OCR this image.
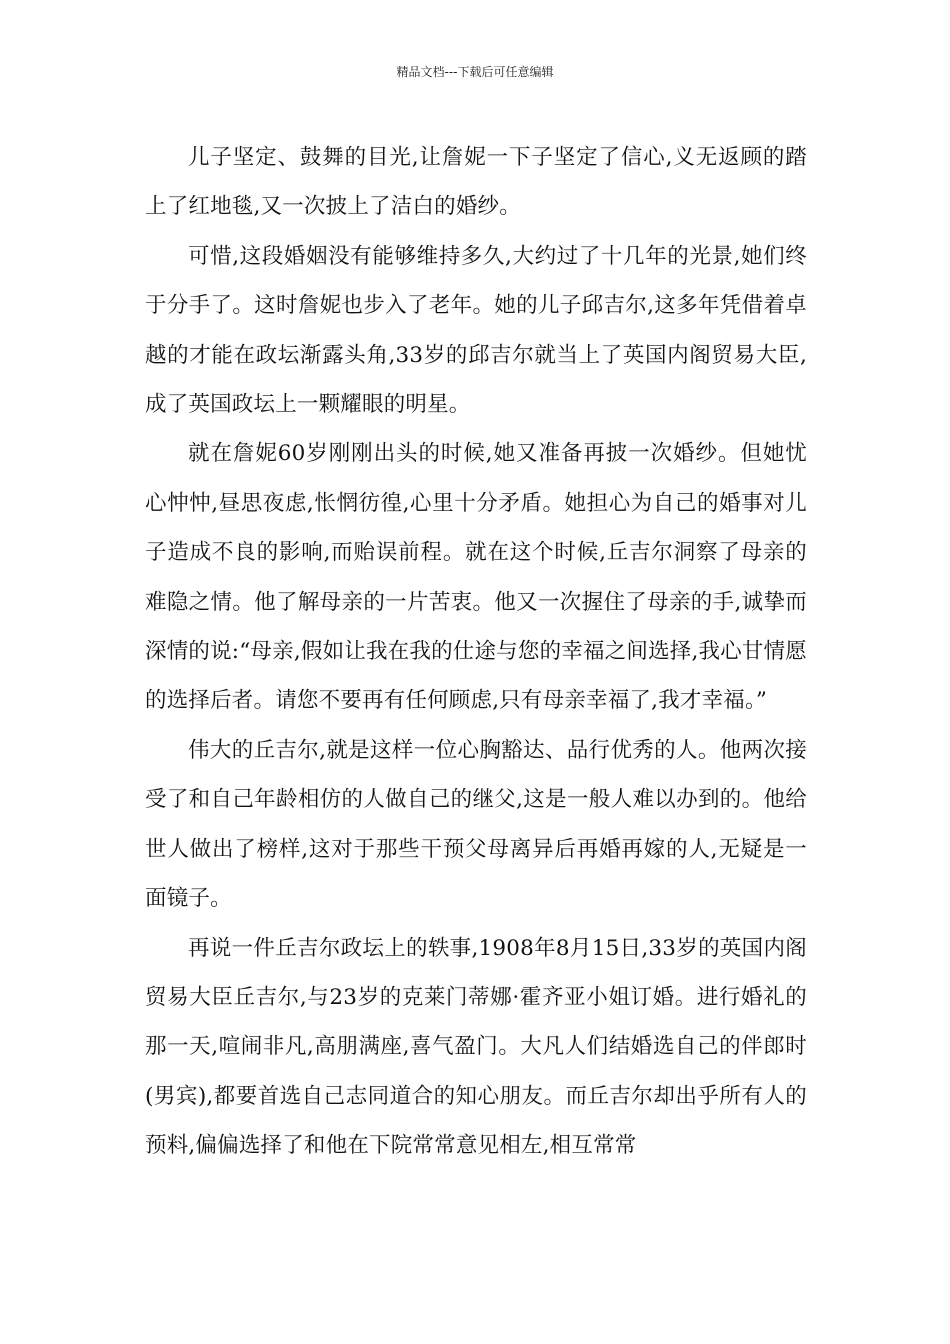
精品文档---下载后可任意编辑

儿子坚定、鼓舞的目光,让詹妮一下子坚定了信心,义无返顾的踏上了红地毯,又一次披上了洁白的婚纱。

可惜,这段婚姻没有能够维持多久,大约过了十几年的光景,她们终于分手了。这时詹妮也步入了老年。她的儿子邱吉尔,这多年凭借着卓越的才能在政坛渐露头角,33岁的邱吉尔就当上了英国内阁贸易大臣,成了英国政坛上一颗耀眼的明星。

就在詹妮60岁刚刚出头的时候,她又准备再披一次婚纱。但她忧心忡忡,昼思夜虑,怅惘彷徨,心里十分矛盾。她担心为自己的婚事对儿子造成不良的影响,而贻误前程。就在这个时候,丘吉尔洞察了母亲的难隐之情。他了解母亲的一片苦衷。他又一次握住了母亲的手,诚挚而深情的说:“母亲,假如让我在我的仕途与您的幸福之间选择,我心甘情愿的选择后者。请您不要再有任何顾虑,只有母亲幸福了,我才幸福。”

伟大的丘吉尔,就是这样一位心胸豁达、品行优秀的人。他两次接受了和自己年龄相仿的人做自己的继父,这是一般人难以办到的。他给世人做出了榜样,这对于那些干预父母离异后再婚再嫁的人,无疑是一面镜子。

再说一件丘吉尔政坛上的轶事,1908年8月15日,33岁的英国内阁贸易大臣丘吉尔,与23岁的克莱门蒂娜·霍齐亚小姐订婚。进行婚礼的那一天,喧闹非凡,高朋满座,喜气盈门。大凡人们结婚选自己的伴郎时(男宾),都要首选自己志同道合的知心朋友。而丘吉尔却出乎所有人的预料,偏偏选择了和他在下院常常意见相左,相互常常
